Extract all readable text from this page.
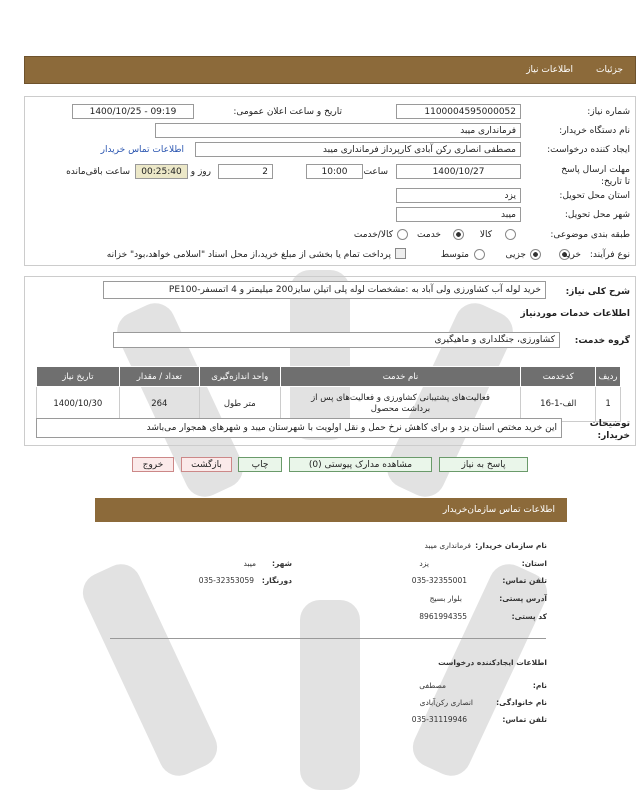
جزئیات
اطلاعات نیاز
شماره نیاز:
1100004595000052
تاریخ و ساعت اعلان عمومی:
1400/10/25 - 09:19
نام دستگاه خریدار:
فرمانداری میبد
ایجاد کننده درخواست:
مصطفی انصاری رکن آبادی کارپرداز فرمانداری میبد
اطلاعات تماس خریدار
مهلت ارسال پاسخ تا تاریخ:
1400/10/27
ساعت
10:00
2
روز و
00:25:40
ساعت باقی‌مانده
استان محل تحویل:
یزد
شهر محل تحویل:
میبد
طبقه بندی موضوعی:
کالا
خدمت
کالا/خدمت
نوع فرآیند:
خرید
جزیی
متوسط
پرداخت تمام یا بخشی از مبلغ خرید،از محل اسناد "اسلامی خواهد،بود" خزانه
شرح کلی نیاز:
خرید لوله آب کشاورزی ولی آباد به :مشخصات لوله پلی اتیلن سایز200 میلیمتر و 4 اتمسفر-PE100
اطلاعات خدمات موردنیاز
گروه خدمت:
کشاورزی، جنگلداری و ماهیگیری
ردیف	کدخدمت	نام خدمت	واحد اندازه‌گیری	تعداد / مقدار	تاریخ نیاز
1	الف-1-16	فعالیت‌های پشتیبانی کشاورزی و فعالیت‌های پس از برداشت محصول	متر طول	264	1400/10/30
توضیحات خریدار:
این خرید مختص استان یزد و برای کاهش نرخ حمل و نقل اولویت با شهرستان میبد و شهرهای همجوار می‌باشد
پاسخ به نیاز
مشاهده مدارک پیوستی (0)
چاپ
بازگشت
خروج
اطلاعات تماس سازمان‌خریدار
نام سازمان خریدار:
فرمانداری میبد
استان:
یزد
شهر:
میبد
تلفن تماس:
035-32355001
دورنگار:
035-32353059
آدرس پستی:
بلوار بسیج
کد پستی:
8961994355
اطلاعات ایجادکننده درخواست
نام:
مصطفی
نام خانوادگی:
انصاری رکن‌آبادی
تلفن تماس:
035-31119946
